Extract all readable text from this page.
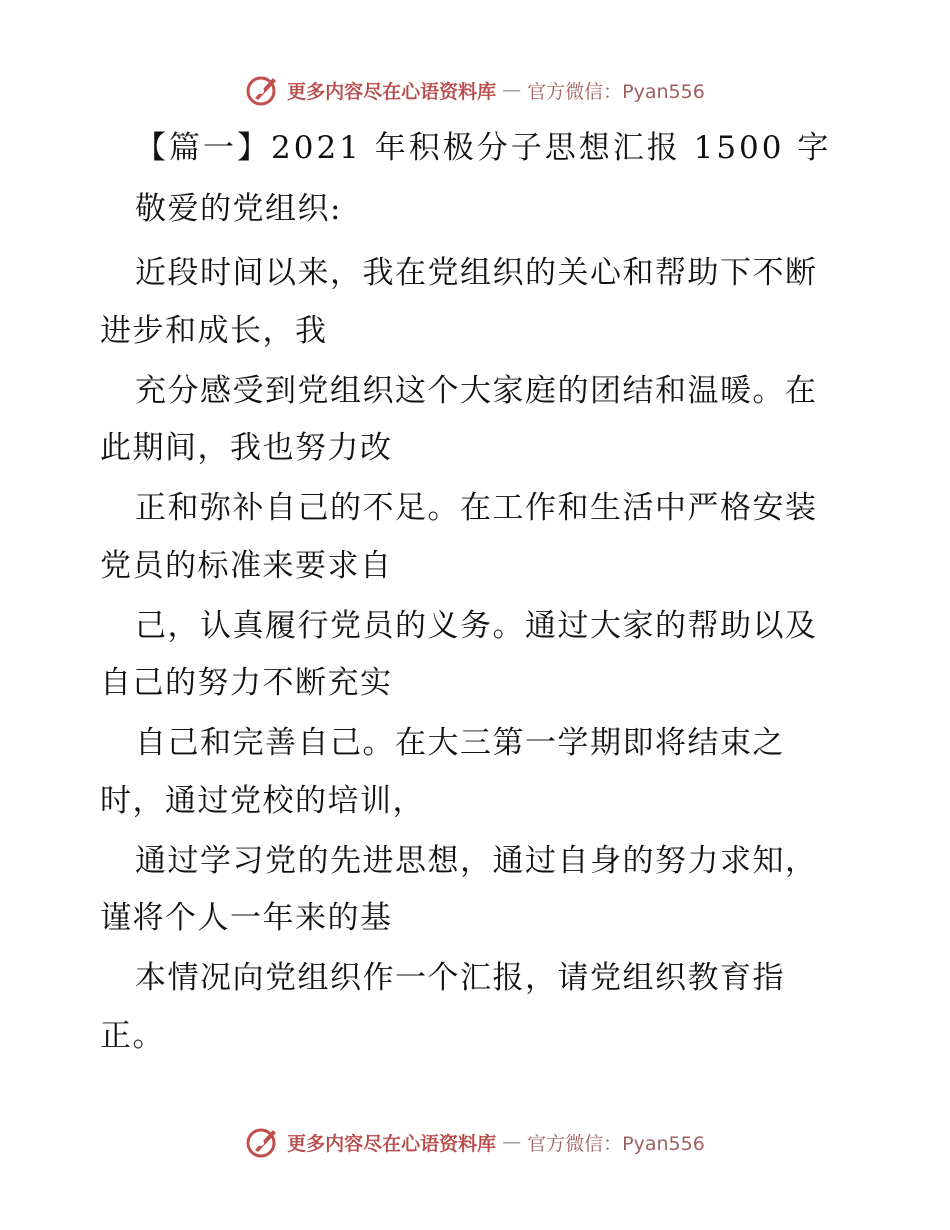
更多内容尽在心语资料库 — 官方微信：Pyan556
【篇一】2021 年积极分子思想汇报 1500 字
敬爱的党组织:
近段时间以来，我在党组织的关心和帮助下不断
进步和成长，我
充分感受到党组织这个大家庭的团结和温暖。在
此期间，我也努力改
正和弥补自己的不足。在工作和生活中严格安装
党员的标准来要求自
己，认真履行党员的义务。通过大家的帮助以及
自己的努力不断充实
自己和完善自己。在大三第一学期即将结束之
时，通过党校的培训，
通过学习党的先进思想，通过自身的努力求知，
谨将个人一年来的基
本情况向党组织作一个汇报，请党组织教育指
正。
更多内容尽在心语资料库 — 官方微信：Pyan556
